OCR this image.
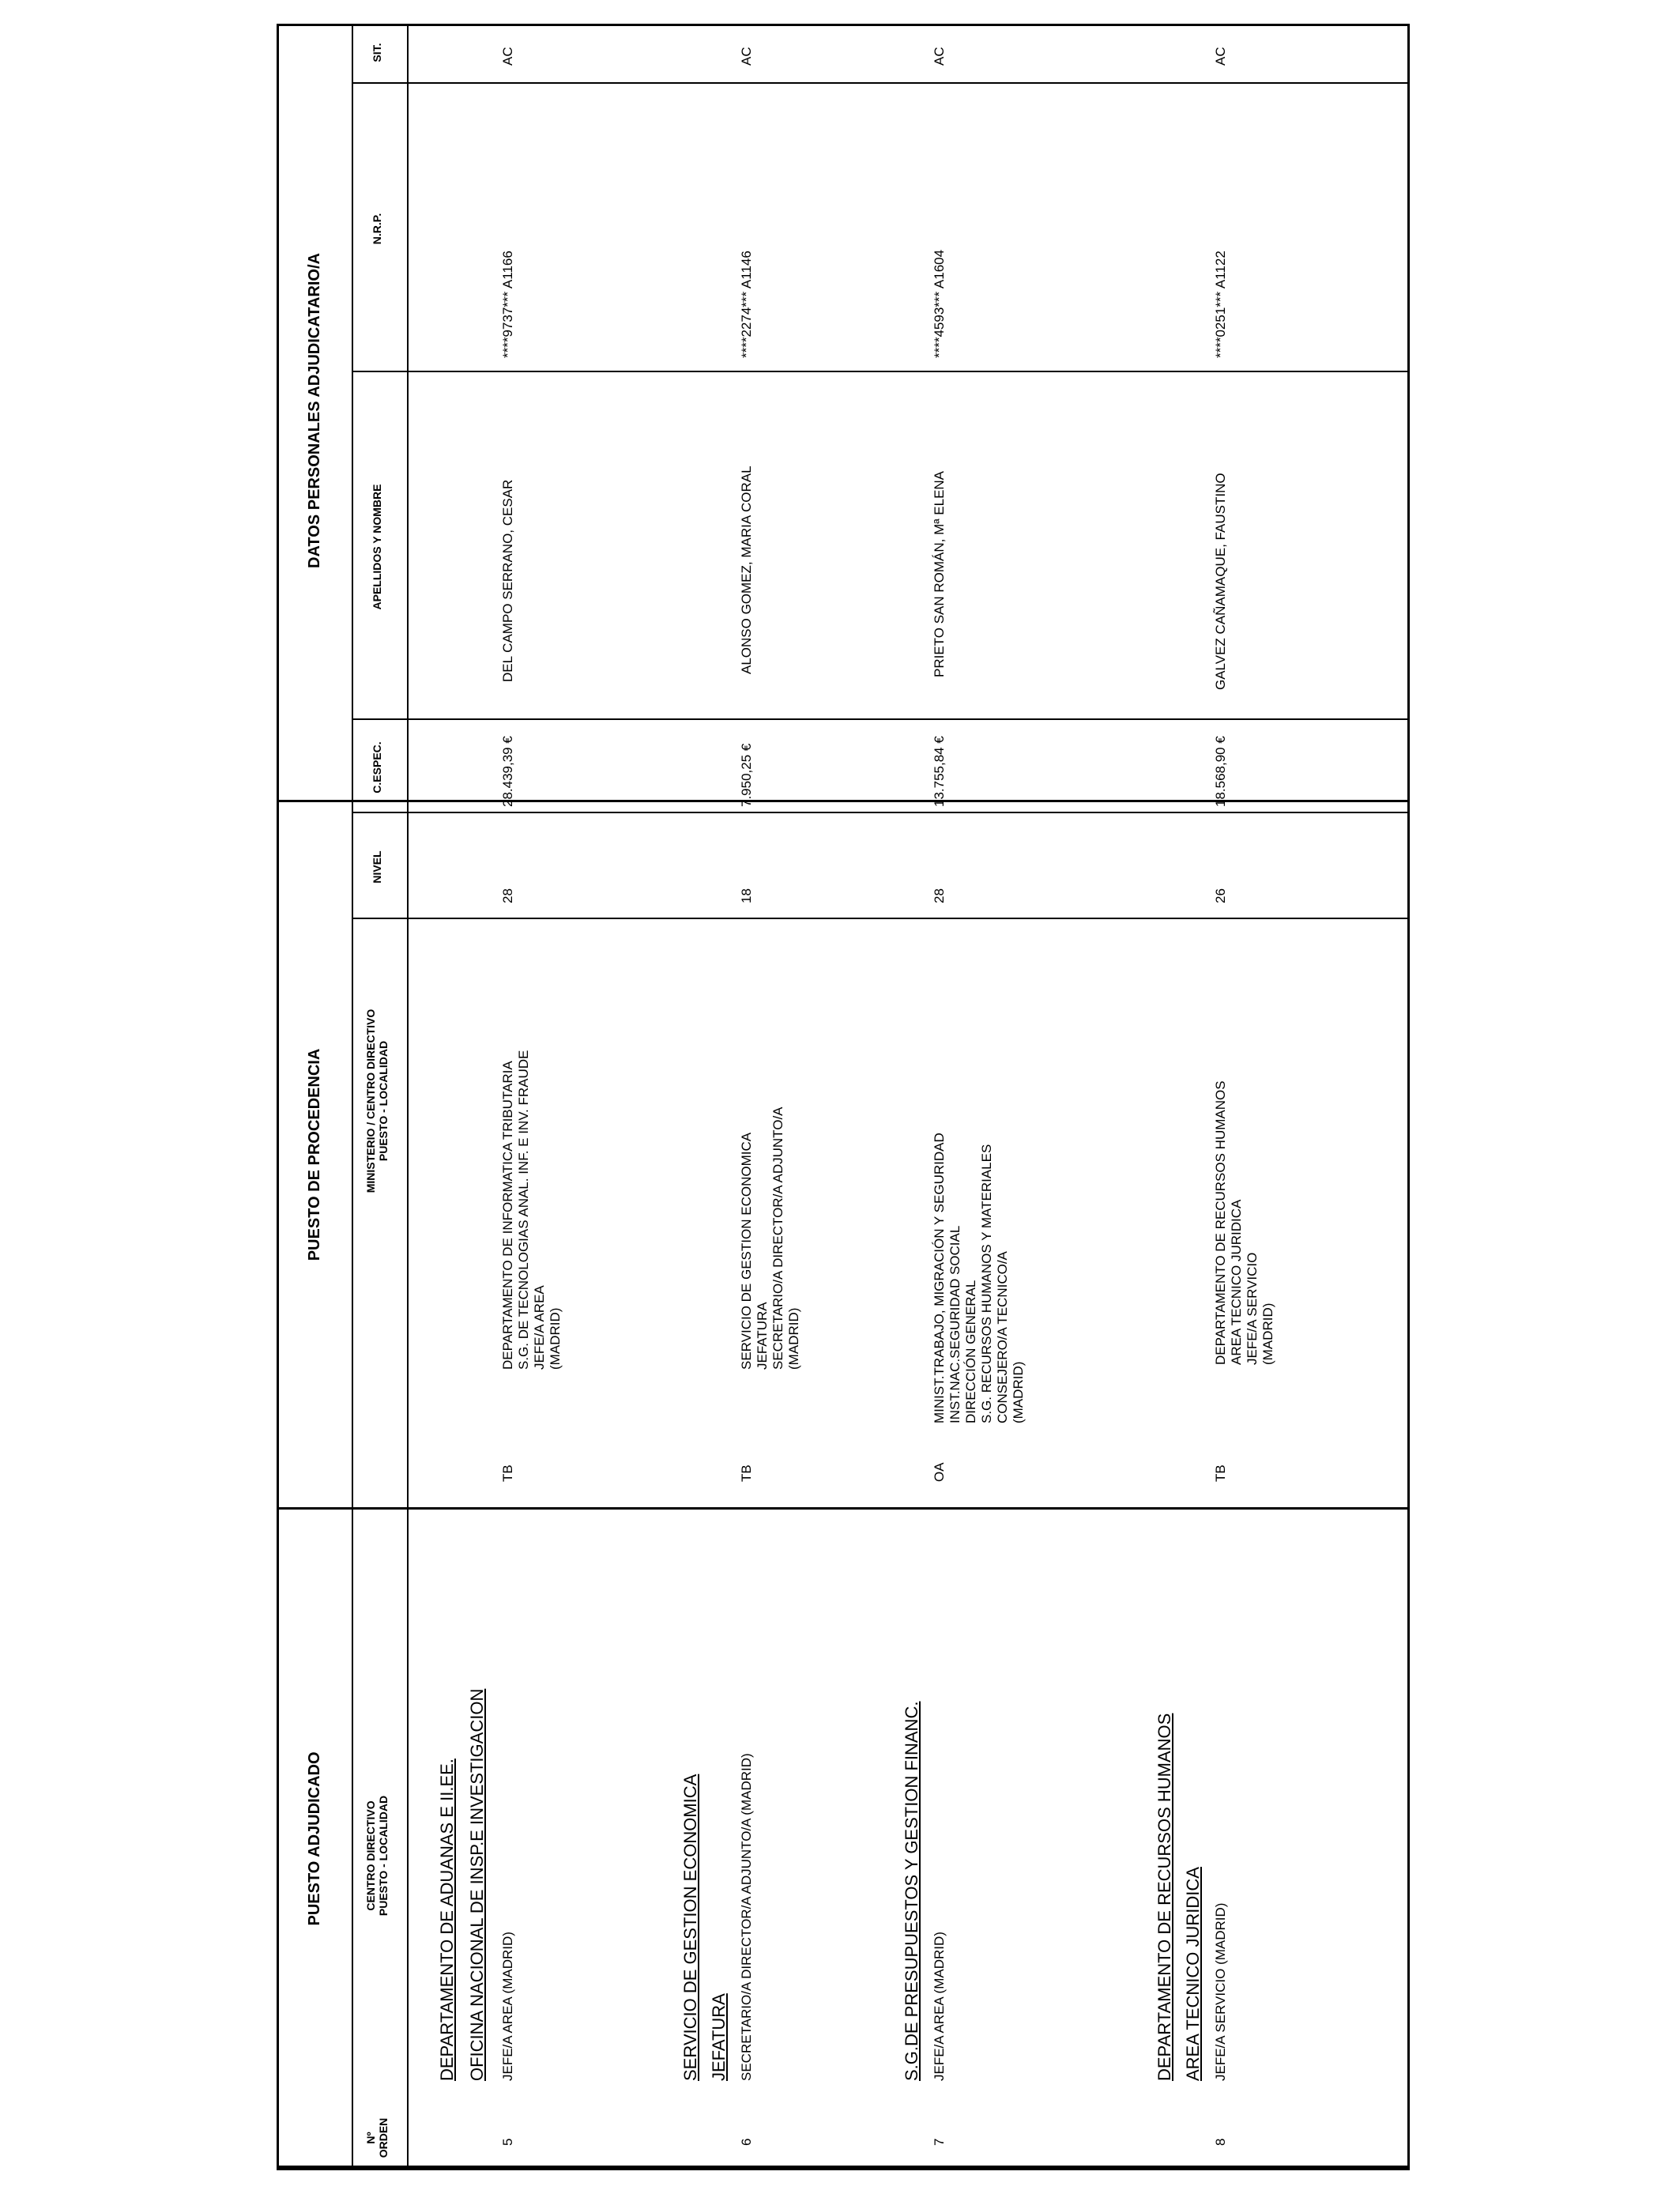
PUESTO ADJUDICADO
PUESTO DE PROCEDENCIA
DATOS PERSONALES ADJUDICATARIO/A
Nº ORDEN
CENTRO DIRECTIVO PUESTO - LOCALIDAD
MINISTERIO / CENTRO DIRECTIVO PUESTO - LOCALIDAD
NIVEL
C.ESPEC.
APELLIDOS Y NOMBRE
N.R.P.
5
DEPARTAMENTO DE ADUANAS E II.EE. OFICINA NACIONAL DE INSP.E INVESTIGACION JEFE/A AREA (MADRID)
TB
DEPARTAMENTO DE INFORMATICA TRIBUTARIA S.G. DE TECNOLOGIAS ANAL. INF. E INV. FRAUDE JEFE/A AREA (MADRID)
28
28.439,39 €
DEL CAMPO SERRANO, CESAR
****9737*** A1166
AC
6
SERVICIO DE GESTION ECONOMICA JEFATURA SECRETARIO/A DIRECTOR/A ADJUNTO/A (MADRID)
TB
SERVICIO DE GESTION ECONOMICA JEFATURA SECRETARIO/A DIRECTOR/A ADJUNTO/A (MADRID)
18
7.950,25 €
ALONSO GOMEZ, MARIA CORAL
****2274*** A1146
AC
7
S.G.DE PRESUPUESTOS Y GESTION FINANC. JEFE/A AREA (MADRID)
OA
MINIST.TRABAJO, MIGRACIÓN Y SEGURIDAD INST.NAC.SEGURIDAD SOCIAL DIRECCIÓN GENERAL S.G. RECURSOS HUMANOS Y MATERIALES CONSEJERO/A TECNICO/A (MADRID)
28
13.755,84 €
PRIETO SAN ROMÁN, Mª ELENA
****4593*** A1604
AC
8
DEPARTAMENTO DE RECURSOS HUMANOS AREA TECNICO JURIDICA JEFE/A SERVICIO (MADRID)
TB
DEPARTAMENTO DE RECURSOS HUMANOS AREA TECNICO JURIDICA JEFE/A SERVICIO (MADRID)
26
18.568,90 €
GALVEZ CAÑAMAQUE, FAUSTINO
****0251*** A1122
AC
SIT.
